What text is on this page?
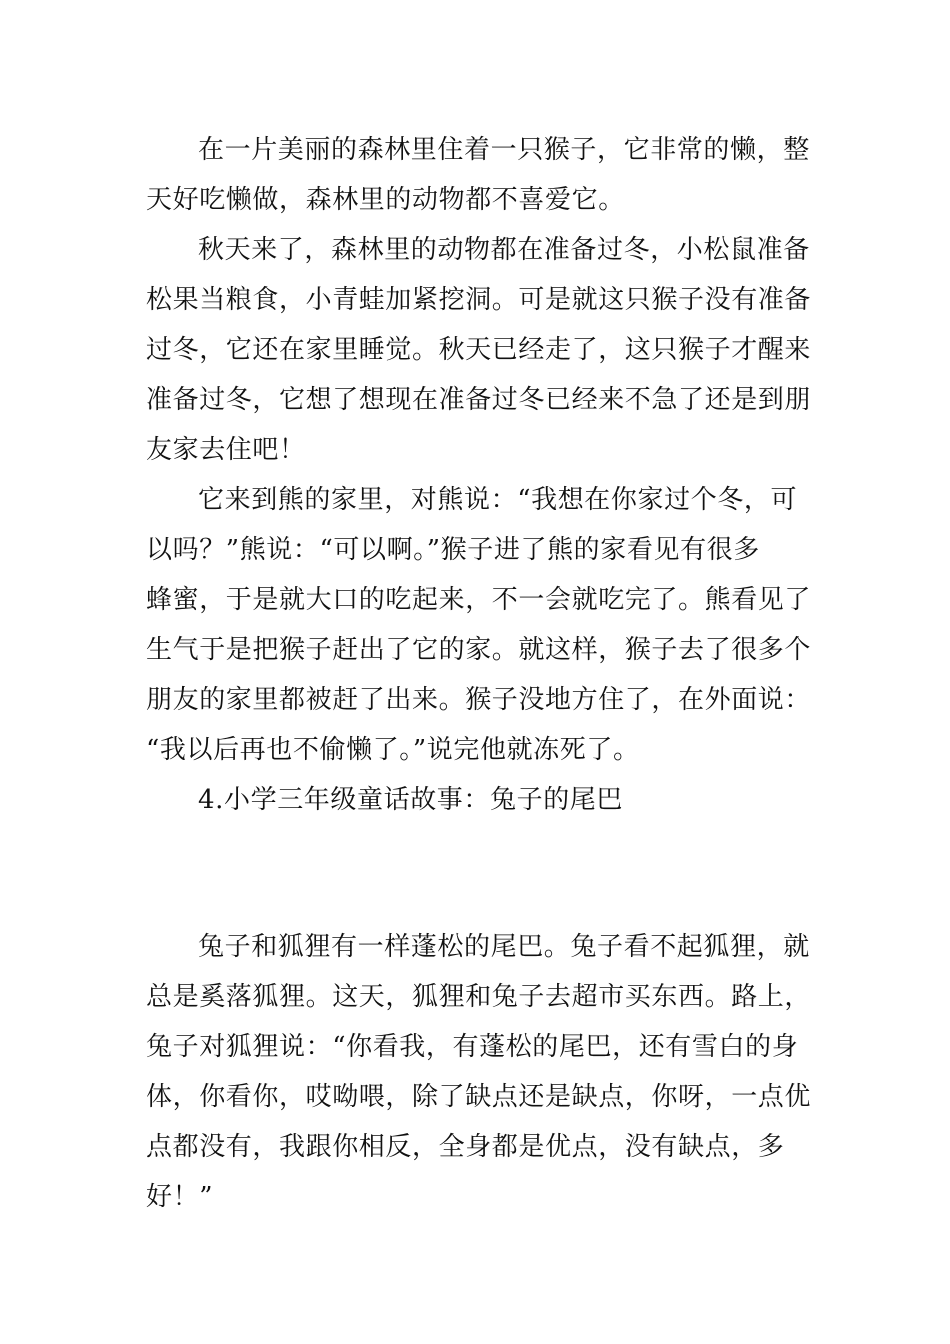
在一片美丽的森林里住着一只猴子，它非常的懒，整
天好吃懒做，森林里的动物都不喜爱它。
秋天来了，森林里的动物都在准备过冬，小松鼠准备
松果当粮食，小青蛙加紧挖洞。可是就这只猴子没有准备
过冬，它还在家里睡觉。秋天已经走了，这只猴子才醒来
准备过冬，它想了想现在准备过冬已经来不急了还是到朋
友家去住吧！
它来到熊的家里，对熊说：“我想在你家过个冬，可
以吗？”熊说：“可以啊。”猴子进了熊的家看见有很多
蜂蜜，于是就大口的吃起来，不一会就吃完了。熊看见了
生气于是把猴子赶出了它的家。就这样，猴子去了很多个
朋友的家里都被赶了出来。猴子没地方住了，在外面说：
“我以后再也不偷懒了。”说完他就冻死了。
4.小学三年级童话故事：兔子的尾巴
兔子和狐狸有一样蓬松的尾巴。兔子看不起狐狸，就
总是奚落狐狸。这天，狐狸和兔子去超市买东西。路上，
兔子对狐狸说：“你看我，有蓬松的尾巴，还有雪白的身
体，你看你，哎呦喂，除了缺点还是缺点，你呀，一点优
点都没有，我跟你相反，全身都是优点，没有缺点，多
好！”
